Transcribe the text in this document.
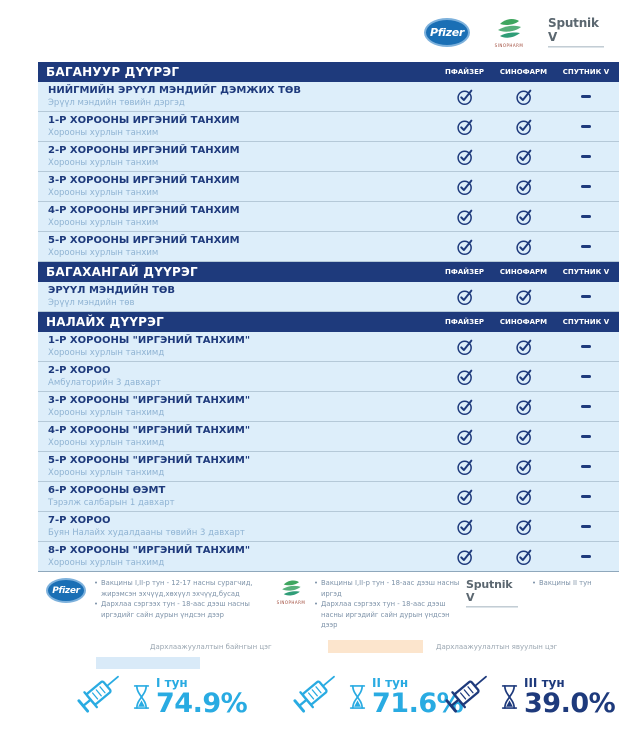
Pfizer
SINOPHARM
Sputnik V
БАГАНУУР ДҮҮРЭГ	ПФАЙЗЕР	СИНОФАРМ	СПУТНИК V
НИЙГМИЙН ЭРҮҮЛ МЭНДИЙГ ДЭМЖИХ ТӨВ
Эрүүл мэндийн төвийн дэргэд
1-Р ХОРООНЫ ИРГЭНИЙ ТАНХИМ
Хорооны хурлын танхим
2-Р ХОРООНЫ ИРГЭНИЙ ТАНХИМ
Хорооны хурлын танхим
3-Р ХОРООНЫ ИРГЭНИЙ ТАНХИМ
Хорооны хурлын танхим
4-Р ХОРООНЫ ИРГЭНИЙ ТАНХИМ
Хорооны хурлын танхим
5-Р ХОРООНЫ ИРГЭНИЙ ТАНХИМ
Хорооны хурлын танхим
БАГАХАНГАЙ ДҮҮРЭГ	ПФАЙЗЕР	СИНОФАРМ	СПУТНИК V
ЭРҮҮЛ МЭНДИЙН ТӨВ
Эрүүл мэндийн төв
НАЛАЙХ ДҮҮРЭГ	ПФАЙЗЕР	СИНОФАРМ	СПУТНИК V
1-Р ХОРООНЫ "ИРГЭНИЙ ТАНХИМ"
Хорооны хурлын танхимд
2-Р ХОРОО
Амбулаторийн 3 давхарт
3-Р ХОРООНЫ "ИРГЭНИЙ ТАНХИМ"
Хорооны хурлын танхимд
4-Р ХОРООНЫ "ИРГЭНИЙ ТАНХИМ"
Хорооны хурлын танхимд
5-Р ХОРООНЫ "ИРГЭНИЙ ТАНХИМ"
Хорооны хурлын танхимд
6-Р ХОРООНЫ ӨЭМТ
Тэрэлж салбарын 1 давхарт
7-Р ХОРОО
Буян Налайх худалдааны төвийн 3 давхарт
8-Р ХОРООНЫ "ИРГЭНИЙ ТАНХИМ"
Хорооны хурлын танхимд
Pfizer
• Вакцины I,II-р тун - 12-17 насны сурагчид, жирэмсэн эхчүүд,хөхүүл эхчүүд,бусад
• Дархлаа сэргээх тун - 18-аас дээш насны иргэдийг сайн дурын үндсэн дээр
SINOPHARM
• Вакцины I,II-р тун - 18-аас дээш насны иргэд
• Дархлаа сэргээх тун - 18-аас дээш насны иргэдийг сайн дурын үндсэн дээр
Sputnik V
• Вакцины II тун
Дархлаажуулалтын байнгын цэг	Дархлаажуулалтын явуулын цэг
I тун
74.9%
II тун
71.6%
III тун
39.0%
